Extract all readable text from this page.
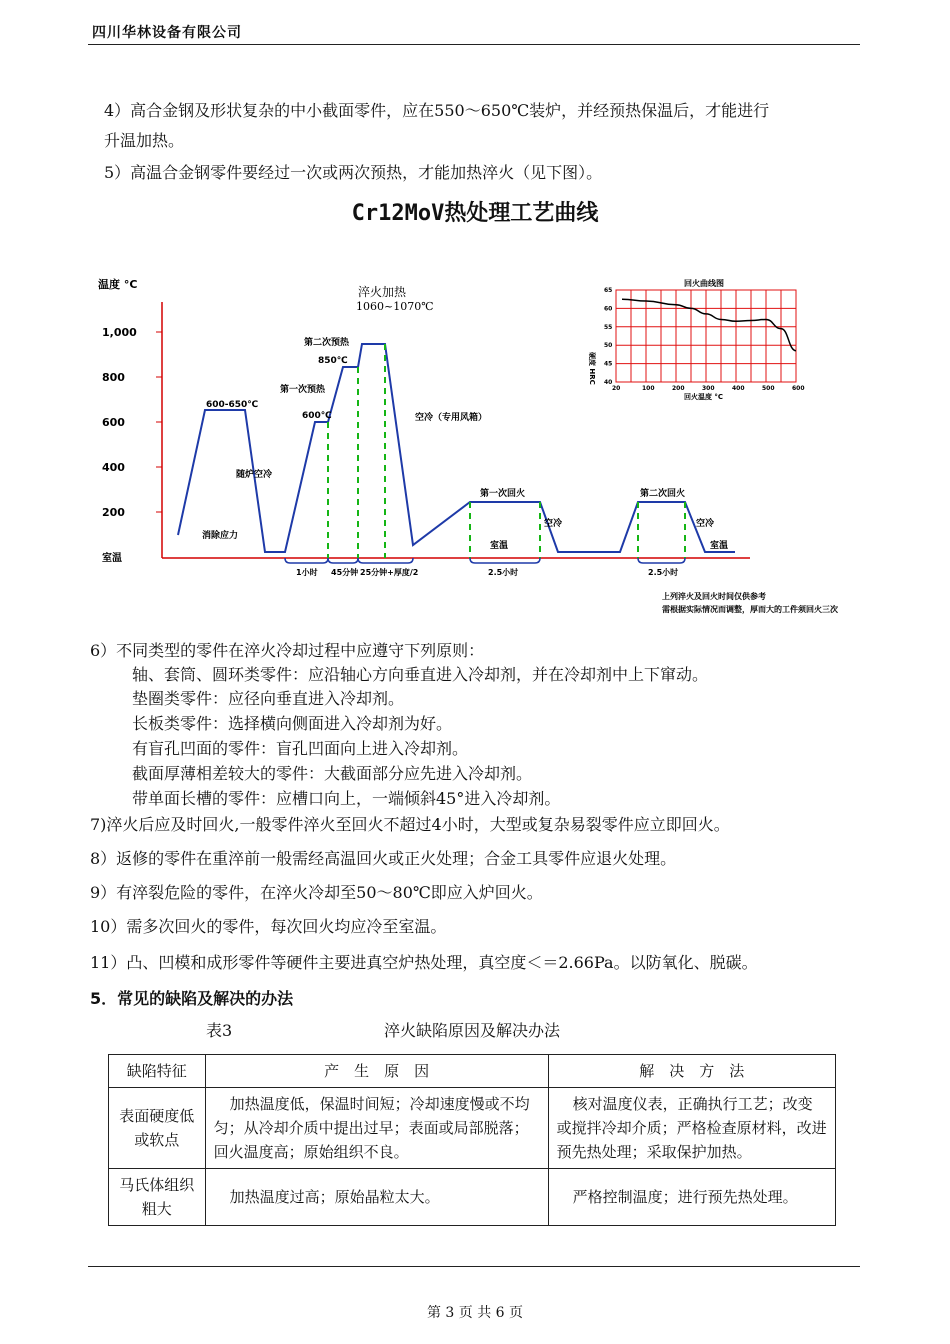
四川华林设备有限公司
4）高合金钢及形状复杂的中小截面零件，应在550～650℃装炉，并经预热保温后，才能进行
升温加热。
5）高温合金钢零件要经过一次或两次预热，才能加热淬火（见下图）。
Cr12MoV热处理工艺曲线
温度 °C
1,000
800
600
400
200
室温
1小时 45分钟 25分钟+厚度/2	2.5小时	2.5小时
淬火加热
1060~1070℃
600-650℃
消除应力
随炉空冷
第一次预热
第二次预热
600℃
850℃
空冷（专用风箱）
第一次回火	第二次回火
空冷	空冷
室温	室温
上列淬火及回火时间仅供参考
需根据实际情况而调整，厚而大的工件须回火三次
回火曲线图
硬度 HRC
20	100	200	300	400	500	600
65
60
55
50
45
40
回火温度 °C
6）不同类型的零件在淬火冷却过程中应遵守下列原则：
轴、套筒、圆环类零件：应沿轴心方向垂直进入冷却剂，并在冷却剂中上下窜动。
垫圈类零件：应径向垂直进入冷却剂。
长板类零件：选择横向侧面进入冷却剂为好。
有盲孔凹面的零件：盲孔凹面向上进入冷却剂。
截面厚薄相差较大的零件：大截面部分应先进入冷却剂。
带单面长槽的零件：应槽口向上，一端倾斜45°进入冷却剂。
7)淬火后应及时回火,一般零件淬火至回火不超过4小时，大型或复杂易裂零件应立即回火。
8）返修的零件在重淬前一般需经高温回火或正火处理；合金工具零件应退火处理。
9）有淬裂危险的零件，在淬火冷却至50～80℃即应入炉回火。
10）需多次回火的零件，每次回火均应冷至室温。
11）凸、凹模和成形零件等硬件主要进真空炉热处理，真空度＜＝2.66Pa。以防氧化、脱碳。
5．常见的缺陷及解决的办法
表3	淬火缺陷原因及解决办法
缺陷特征	产　生　原　因	解　决　方　法
表面硬度低或软点	加热温度低，保温时间短；冷却速度慢或不均匀；从冷却介质中提出过早；表面或局部脱落；回火温度高；原始组织不良。	核对温度仪表，正确执行工艺；改变或搅拌冷却介质；严格检查原材料，改进预先热处理；采取保护加热。
马氏体组织粗大	加热温度过高；原始晶粒太大。	严格控制温度；进行预先热处理。
第 3 页 共 6 页
